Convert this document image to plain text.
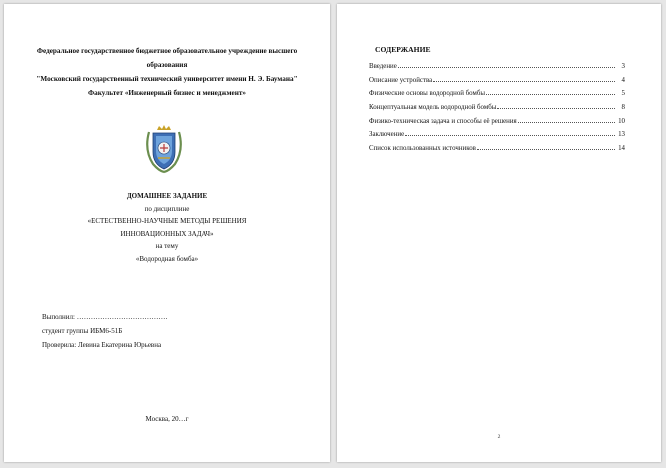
Федеральное государственное бюджетное образовательное учреждение высшего
образования
"Московский государственный технический университет имени Н. Э. Баумана"
Факультет «Инженерный бизнес и менеджмент»
ДОМАШНЕЕ ЗАДАНИЕ
по дисциплине
«ЕСТЕСТВЕННО-НАУЧНЫЕ МЕТОДЫ РЕШЕНИЯ
ИННОВАЦИОННЫХ ЗАДАЧ»
на тему
«Водородная бомба»
Выполнил: …………………………………
студент группы ИБМ6-51Б
Проверила: Левина Екатерина Юрьевна
Москва, 20…г
СОДЕРЖАНИЕ
Введение	3
Описание устройства	4
Физические основы водородной бомбы	5
Концептуальная модель водородной бомбы	8
Физико-техническая задача и способы её решения	10
Заключение	13
Список использованных источников	14
2
